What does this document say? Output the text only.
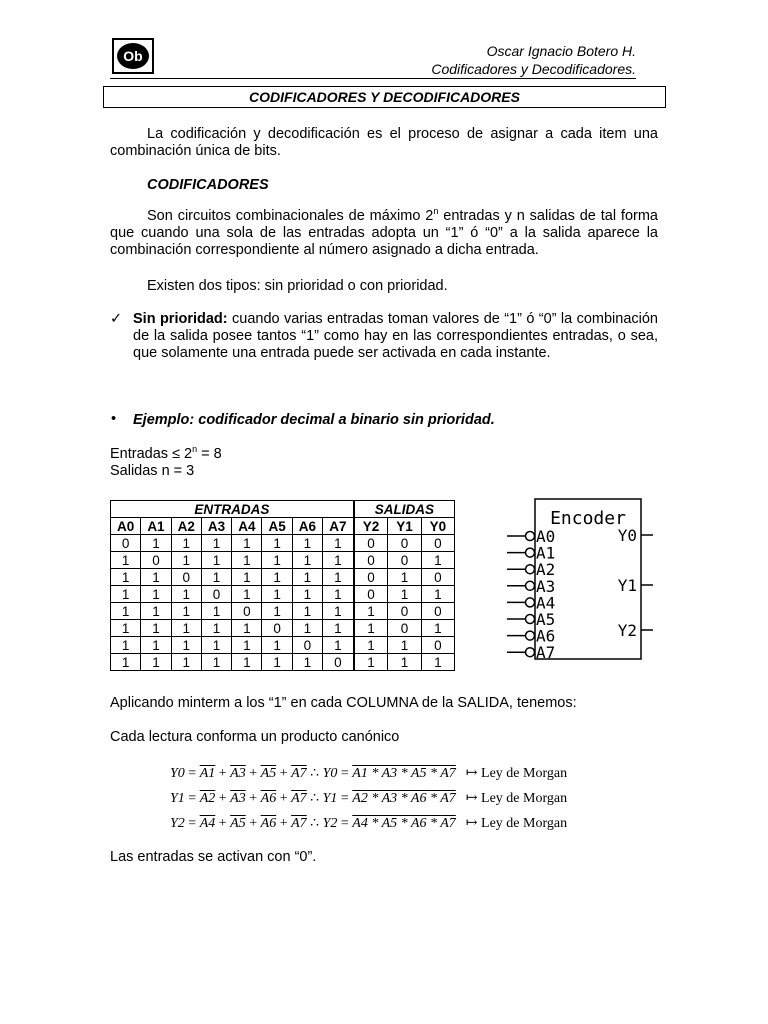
Ob	Oscar Ignacio Botero H.
Codificadores y Decodificadores.
CODIFICADORES Y DECODIFICADORES
La codificación y decodificación es el proceso de asignar a cada item una combinación única de bits.
CODIFICADORES
Son circuitos combinacionales de máximo 2$^n$ entradas y n salidas de tal forma que cuando una sola de las entradas adopta un “1” ó “0” a la salida aparece la combinación correspondiente al número asignado a dicha entrada.
Existen dos tipos: sin prioridad o con prioridad.
✓ Sin prioridad: cuando varias entradas toman valores de “1” ó “0” la combinación de la salida posee tantos “1” como hay en las correspondientes entradas, o sea, que solamente una entrada puede ser activada en cada instante.
• Ejemplo: codificador decimal a binario sin prioridad.
Entradas ≤ $2^n = 8$
Salidas n = 3
ENTRADAS								SALIDAS		
A0	A1	A2	A3	A4	A5	A6	A7	Y2	Y1	Y0
0	1	1	1	1	1	1	1	0	0	0
1	0	1	1	1	1	1	1	0	0	1
1	1	0	1	1	1	1	1	0	1	0
1	1	1	0	1	1	1	1	0	1	1
1	1	1	1	0	1	1	1	1	0	0
1	1	1	1	1	0	1	1	1	0	1
1	1	1	1	1	1	0	1	1	1	0
1	1	1	1	1	1	1	0	1	1	1
Encoder
A0
A1
A2
A3
A4
A5
A6
A7
Y0
Y1
Y2
Aplicando minterm a los “1” en cada COLUMNA de la SALIDA, tenemos:
Cada lectura conforma un producto canónico
Y0 = A1 + A3 + A5 + A7 ∴ Y0 = A1 * A3 * A5 * A7 ↦ Ley de Morgan
Y1 = A2 + A3 + A6 + A7 ∴ Y1 = A2 * A3 * A6 * A7 ↦ Ley de Morgan
Y2 = A4 + A5 + A6 + A7 ∴ Y2 = A4 * A5 * A6 * A7 ↦ Ley de Morgan
Las entradas se activan con “0”.
